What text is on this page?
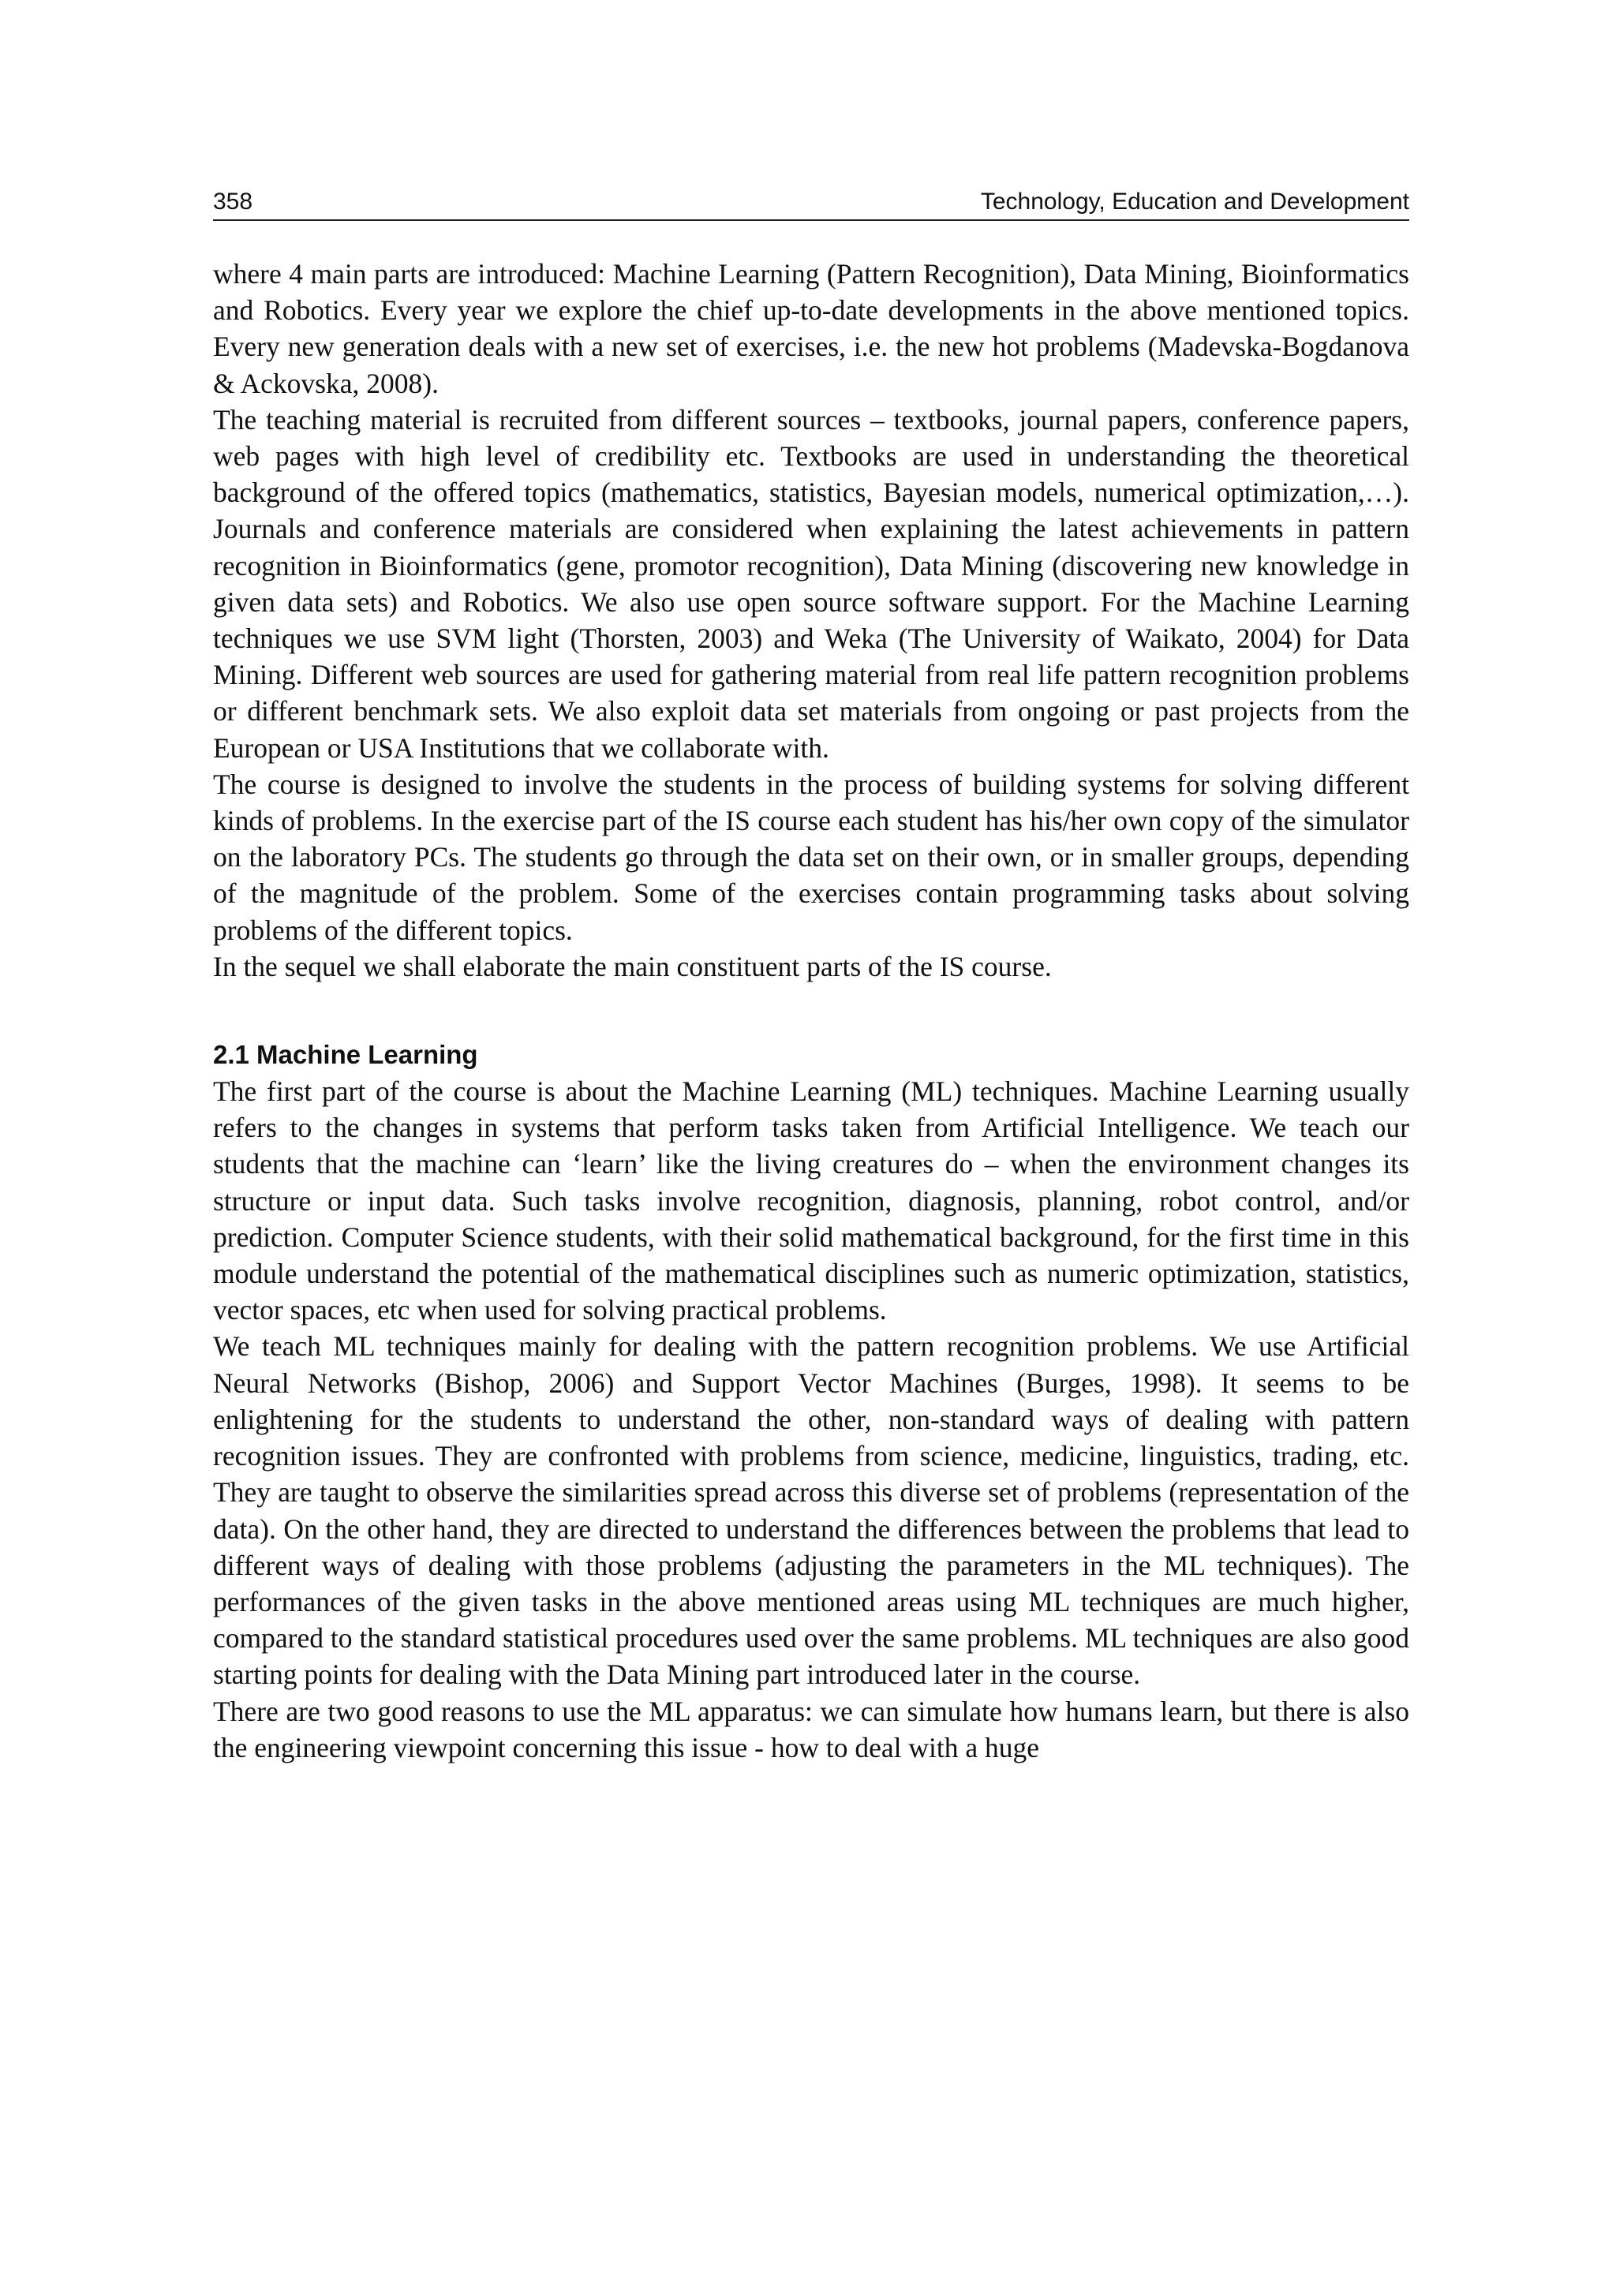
358	Technology, Education and Development

where 4 main parts are introduced: Machine Learning (Pattern Recognition), Data Mining, Bioinformatics and Robotics. Every year we explore the chief up-to-date developments in the above mentioned topics. Every new generation deals with a new set of exercises, i.e. the new hot problems (Madevska-Bogdanova & Ackovska, 2008).

The teaching material is recruited from different sources – textbooks, journal papers, conference papers, web pages with high level of credibility etc. Textbooks are used in understanding the theoretical background of the offered topics (mathematics, statistics, Bayesian models, numerical optimization,…). Journals and conference materials are considered when explaining the latest achievements in pattern recognition in Bioinformatics (gene, promotor recognition), Data Mining (discovering new knowledge in given data sets) and Robotics. We also use open source software support. For the Machine Learning techniques we use SVM light (Thorsten, 2003) and Weka (The University of Waikato, 2004) for Data Mining. Different web sources are used for gathering material from real life pattern recognition problems or different benchmark sets. We also exploit data set materials from ongoing or past projects from the European or USA Institutions that we collaborate with.

The course is designed to involve the students in the process of building systems for solving different kinds of problems. In the exercise part of the IS course each student has his/her own copy of the simulator on the laboratory PCs. The students go through the data set on their own, or in smaller groups, depending of the magnitude of the problem. Some of the exercises contain programming tasks about solving problems of the different topics.

In the sequel we shall elaborate the main constituent parts of the IS course.

2.1 Machine Learning

The first part of the course is about the Machine Learning (ML) techniques. Machine Learning usually refers to the changes in systems that perform tasks taken from Artificial Intelligence. We teach our students that the machine can ‘learn’ like the living creatures do – when the environment changes its structure or input data. Such tasks involve recognition, diagnosis, planning, robot control, and/or prediction. Computer Science students, with their solid mathematical background, for the first time in this module understand the potential of the mathematical disciplines such as numeric optimization, statistics, vector spaces, etc when used for solving practical problems.

We teach ML techniques mainly for dealing with the pattern recognition problems. We use Artificial Neural Networks (Bishop, 2006) and Support Vector Machines (Burges, 1998). It seems to be enlightening for the students to understand the other, non-standard ways of dealing with pattern recognition issues. They are confronted with problems from science, medicine, linguistics, trading, etc. They are taught to observe the similarities spread across this diverse set of problems (representation of the data). On the other hand, they are directed to understand the differences between the problems that lead to different ways of dealing with those problems (adjusting the parameters in the ML techniques). The performances of the given tasks in the above mentioned areas using ML techniques are much higher, compared to the standard statistical procedures used over the same problems. ML techniques are also good starting points for dealing with the Data Mining part introduced later in the course.

There are two good reasons to use the ML apparatus: we can simulate how humans learn, but there is also the engineering viewpoint concerning this issue - how to deal with a huge
